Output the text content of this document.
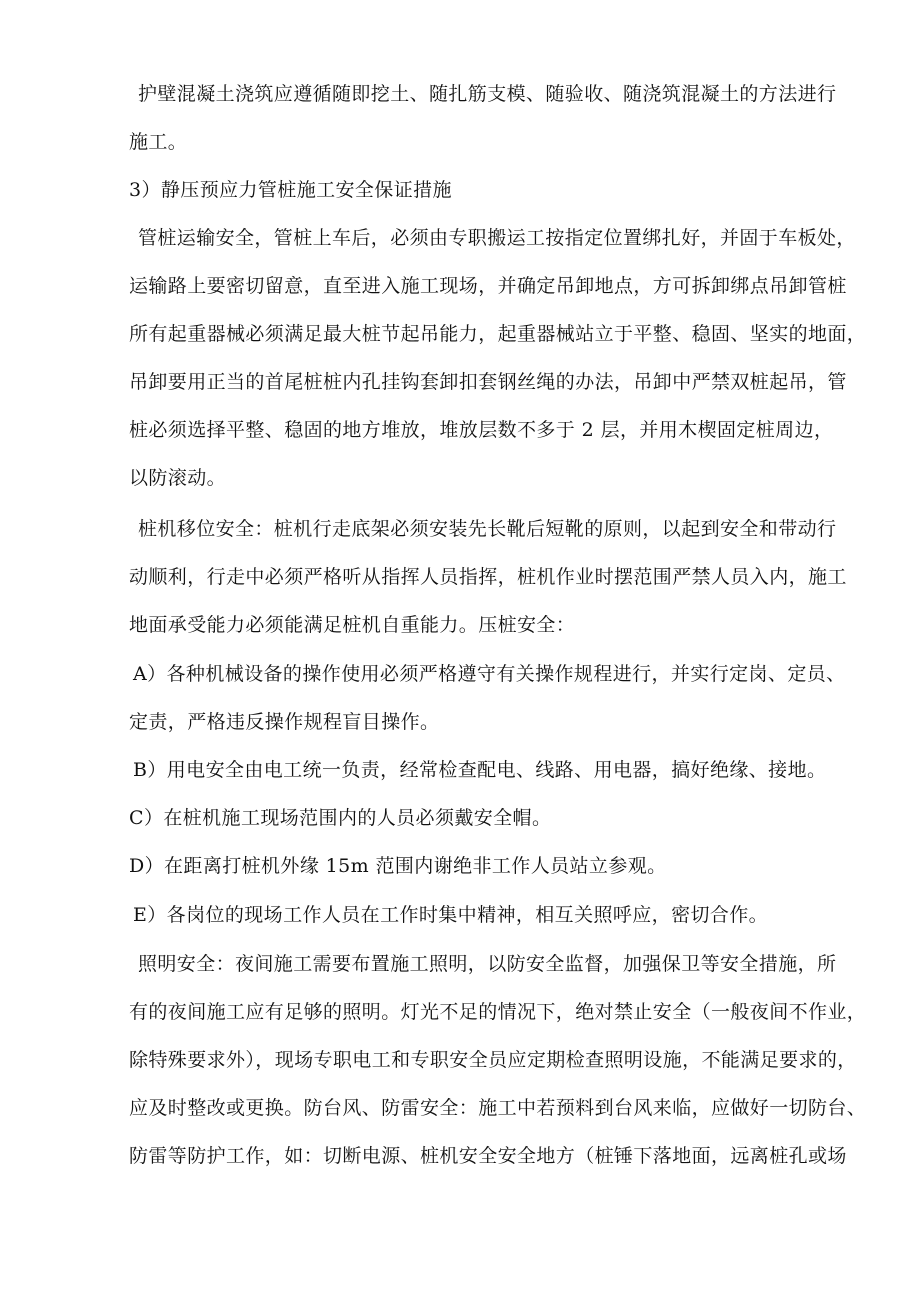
护壁混凝土浇筑应遵循随即挖土、随扎筋支模、随验收、随浇筑混凝土的方法进行
施工。
3）静压预应力管桩施工安全保证措施
管桩运输安全，管桩上车后，必须由专职搬运工按指定位置绑扎好，并固于车板处，
运输路上要密切留意，直至进入施工现场，并确定吊卸地点，方可拆卸绑点吊卸管桩
所有起重器械必须满足最大桩节起吊能力，起重器械站立于平整、稳固、坚实的地面，
吊卸要用正当的首尾桩桩内孔挂钩套卸扣套钢丝绳的办法，吊卸中严禁双桩起吊，管
桩必须选择平整、稳固的地方堆放，堆放层数不多于 2 层，并用木楔固定桩周边，
以防滚动。
桩机移位安全：桩机行走底架必须安装先长靴后短靴的原则，以起到安全和带动行
动顺利，行走中必须严格听从指挥人员指挥，桩机作业时摆范围严禁人员入内，施工
地面承受能力必须能满足桩机自重能力。压桩安全：
A）各种机械设备的操作使用必须严格遵守有关操作规程进行，并实行定岗、定员、
定责，严格违反操作规程盲目操作。
B）用电安全由电工统一负责，经常检查配电、线路、用电器，搞好绝缘、接地。
C）在桩机施工现场范围内的人员必须戴安全帽。
D）在距离打桩机外缘 15m 范围内谢绝非工作人员站立参观。
E）各岗位的现场工作人员在工作时集中精神，相互关照呼应，密切合作。
照明安全：夜间施工需要布置施工照明，以防安全监督，加强保卫等安全措施，所
有的夜间施工应有足够的照明。灯光不足的情况下，绝对禁止安全（一般夜间不作业，
除特殊要求外），现场专职电工和专职安全员应定期检查照明设施，不能满足要求的，
应及时整改或更换。防台风、防雷安全：施工中若预料到台风来临，应做好一切防台、
防雷等防护工作，如：切断电源、桩机安全安全地方（桩锤下落地面，远离桩孔或场
